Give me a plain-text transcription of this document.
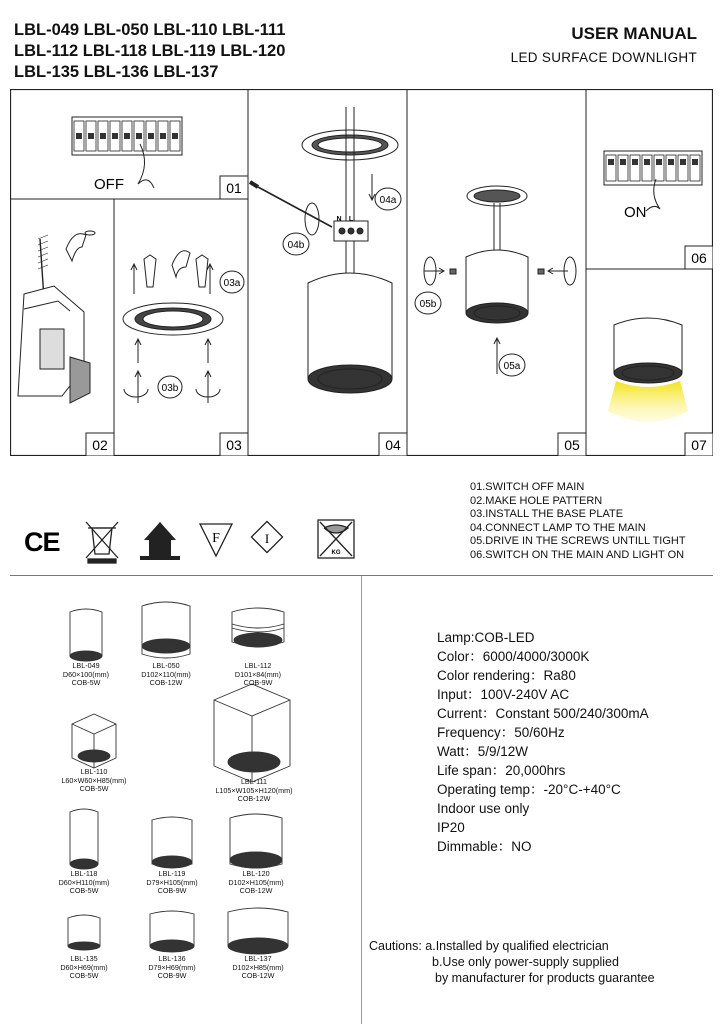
LBL-049 LBL-050 LBL-110 LBL-111
LBL-112 LBL-118 LBL-119 LBL-120
LBL-135 LBL-136 LBL-137
USER MANUAL
LED SURFACE DOWNLIGHT
OFF	01
02
03a
03b
03
04a
04b
N L
04
05b
05a
05
ON
06
07
01.SWITCH OFF MAIN
02.MAKE HOLE PATTERN
03.INSTALL THE BASE PLATE
04.CONNECT LAMP TO THE MAIN
05.DRIVE IN THE SCREWS UNTILL TIGHT
06.SWITCH ON THE MAIN AND LIGHT ON
CE	F	I
KG
LBL-049
D60×100(mm)
COB-5W
LBL-050
D102×110(mm)
COB-12W
LBL-112
D101×84(mm)
COB-9W
LBL-110
L60×W60×H85(mm)
COB-5W
LBL-111
L105×W105×H120(mm)
COB-12W
LBL-118
D60×H110(mm)
COB-5W
LBL-119
D79×H105(mm)
COB-9W
LBL-120
D102×H105(mm)
COB-12W
LBL-135
D60×H69(mm)
COB-5W
LBL-136
D79×H69(mm)
COB-9W
LBL-137
D102×H85(mm)
COB-12W
Lamp:COB-LED
Color：6000/4000/3000K
Color rendering：Ra80
Input：100V-240V AC
Current：Constant 500/240/300mA
Frequency：50/60Hz
Watt：5/9/12W
Life span：20,000hrs
Operating temp：-20°C-+40°C
Indoor use only
IP20
Dimmable：NO
Cautions: a.Installed by qualified electrician
b.Use only power-supply supplied
by manufacturer for products guarantee
